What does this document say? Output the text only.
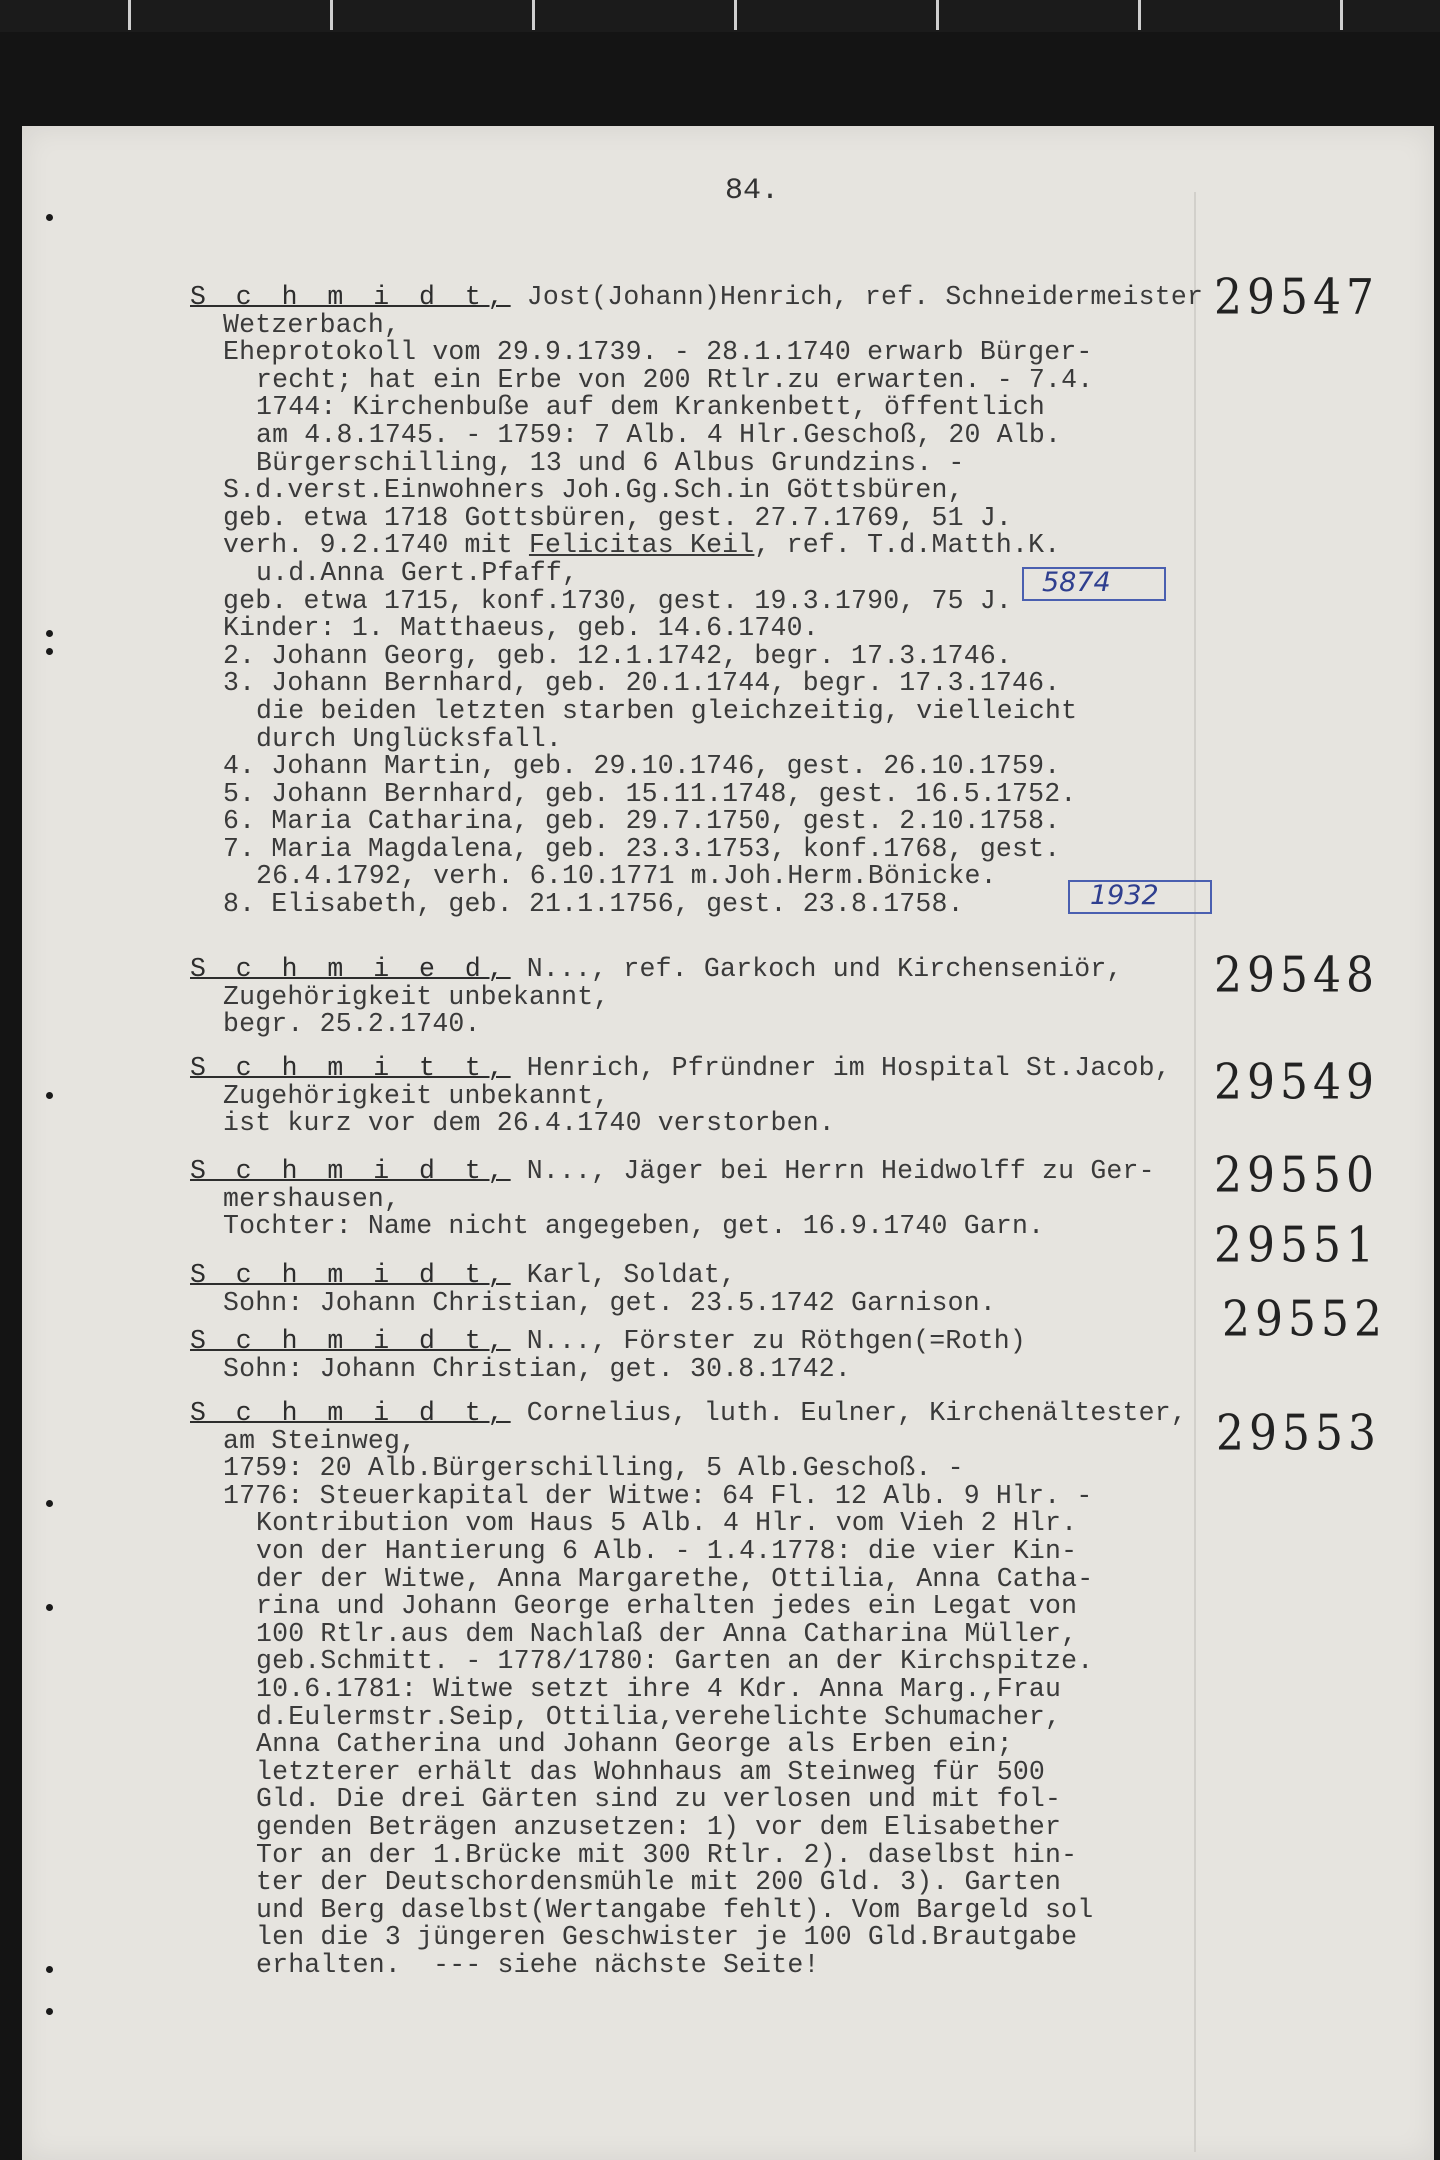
84.
S c h m i d t, Jost(Johann)Henrich, ref. Schneidermeister
Wetzerbach,
Eheprotokoll vom 29.9.1739. - 28.1.1740 erwarb Bürger-
recht; hat ein Erbe von 200 Rtlr.zu erwarten. - 7.4.
1744: Kirchenbuße auf dem Krankenbett, öffentlich
am 4.8.1745. - 1759: 7 Alb. 4 Hlr.Geschoß, 20 Alb.
Bürgerschilling, 13 und 6 Albus Grundzins. -
S.d.verst.Einwohners Joh.Gg.Sch.in Göttsbüren,
geb. etwa 1718 Gottsbüren, gest. 27.7.1769, 51 J.
verh. 9.2.1740 mit Felicitas Keil, ref. T.d.Matth.K.
u.d.Anna Gert.Pfaff,
geb. etwa 1715, konf.1730, gest. 19.3.1790, 75 J.
Kinder: 1. Matthaeus, geb. 14.6.1740.
2. Johann Georg, geb. 12.1.1742, begr. 17.3.1746.
3. Johann Bernhard, geb. 20.1.1744, begr. 17.3.1746.
die beiden letzten starben gleichzeitig, vielleicht
durch Unglücksfall.
4. Johann Martin, geb. 29.10.1746, gest. 26.10.1759.
5. Johann Bernhard, geb. 15.11.1748, gest. 16.5.1752.
6. Maria Catharina, geb. 29.7.1750, gest. 2.10.1758.
7. Maria Magdalena, geb. 23.3.1753, konf.1768, gest.
26.4.1792, verh. 6.10.1771 m.Joh.Herm.Bönicke.
8. Elisabeth, geb. 21.1.1756, gest. 23.8.1758.
29547
S c h m i e d, N..., ref. Garkoch und Kirchenseniör,
Zugehörigkeit unbekannt,
begr. 25.2.1740.
29548
S c h m i t t, Henrich, Pfründner im Hospital St.Jacob,
Zugehörigkeit unbekannt,
ist kurz vor dem 26.4.1740 verstorben.
29549
S c h m i d t, N..., Jäger bei Herrn Heidwolff zu Ger-
mershausen,
Tochter: Name nicht angegeben, get. 16.9.1740 Garn.
29550
S c h m i d t, Karl, Soldat,
Sohn: Johann Christian, get. 23.5.1742 Garnison.
29551
S c h m i d t, N..., Förster zu Röthgen(=Roth)
Sohn: Johann Christian, get. 30.8.1742.
29552
S c h m i d t, Cornelius, luth. Eulner, Kirchenältester,
am Steinweg,
1759: 20 Alb.Bürgerschilling, 5 Alb.Geschoß. -
1776: Steuerkapital der Witwe: 64 Fl. 12 Alb. 9 Hlr. -
Kontribution vom Haus 5 Alb. 4 Hlr. vom Vieh 2 Hlr.
von der Hantierung 6 Alb. - 1.4.1778: die vier Kin-
der der Witwe, Anna Margarethe, Ottilia, Anna Catha-
rina und Johann George erhalten jedes ein Legat von
100 Rtlr.aus dem Nachlaß der Anna Catharina Müller,
geb.Schmitt. - 1778/1780: Garten an der Kirchspitze.
10.6.1781: Witwe setzt ihre 4 Kdr. Anna Marg.,Frau
d.Eulermstr.Seip, Ottilia,verehelichte Schumacher,
Anna Catherina und Johann George als Erben ein;
letzterer erhält das Wohnhaus am Steinweg für 500
Gld. Die drei Gärten sind zu verlosen und mit fol-
genden Beträgen anzusetzen: 1) vor dem Elisabether
Tor an der 1.Brücke mit 300 Rtlr. 2). daselbst hin-
ter der Deutschordensmühle mit 200 Gld. 3). Garten
und Berg daselbst(Wertangabe fehlt). Vom Bargeld sol
len die 3 jüngeren Geschwister je 100 Gld.Brautgabe
erhalten.  --- siehe nächste Seite!
29553
5874
1932
